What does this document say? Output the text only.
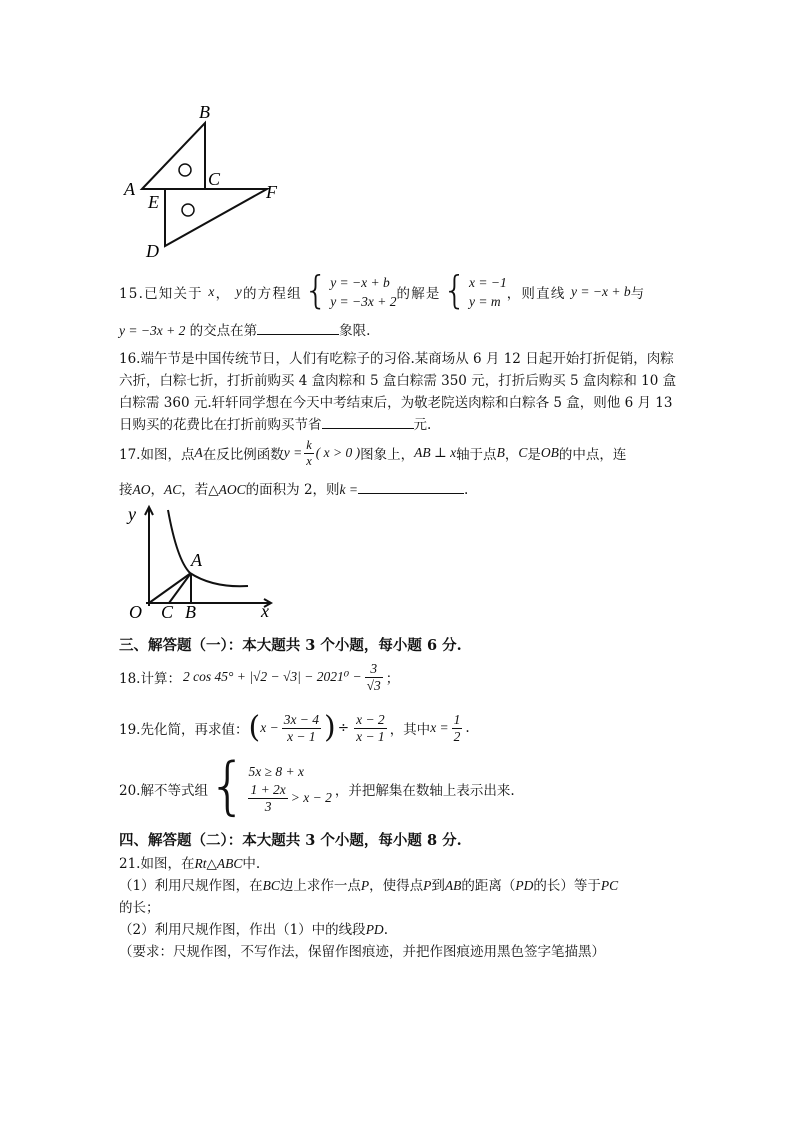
B
A	C
F
E
D
15.已知关于
x ，
y 的方程组 { y = −x + b
y = −3x + 2 的解是 { x = −1
y = m ，则直线
y = −x + b 与
y = −3x + 2 的交点在第	象限.
16.端午节是中国传统节日，人们有吃粽子的习俗.某商场从 6 月 12 日起开始打折促销，肉粽
六折，白粽七折，打折前购买 4 盒肉粽和 5 盒白粽需 350 元，打折后购买 5 盒肉粽和 10 盒
白粽需 360 元.轩轩同学想在今天中考结束后，为敬老院送肉粽和白粽各 5 盒，则他 6 月 13
日购买的花费比在打折前购买节省	元.
17.如图，点 A 在反比例函数 $y = \frac{k}{x}$ ( x > 0 ) 图象上， AB ⊥ x 轴于点 B ， C 是 OB 的中点，连
接AO，AC，若△AOC的面积为 2，则k =	.
y
A
O C B	x
三、解答题（一）：本大题共 3 个小题，每小题 6 分.
18.计算： 2 $\cos 45^\circ + |√2 - √3| - 2021^0 - \frac{3}{√3}$ ；
19.先化简，再求值： ( $x - \frac{3x - 4}{x - 1}$ ) ÷ $\frac{x - 2}{x - 1}$ ，其中 $x = \frac{1}{2}$ .
20.解不等式组 { 5x ≥ 8 + x
$\frac{1 + 2x}{3} > x - 2$ ，并把解集在数轴上表示出来.
四、解答题（二）：本大题共 3 个小题，每小题 8 分.
21.如图，在Rt△ABC中.
（1）利用尺规作图，在BC边上求作一点P，使得点P到AB的距离（PD的长）等于PC
的长；
（2）利用尺规作图，作出（1）中的线段PD.
（要求：尺规作图，不写作法，保留作图痕迹，并把作图痕迹用黑色签字笔描黑）
